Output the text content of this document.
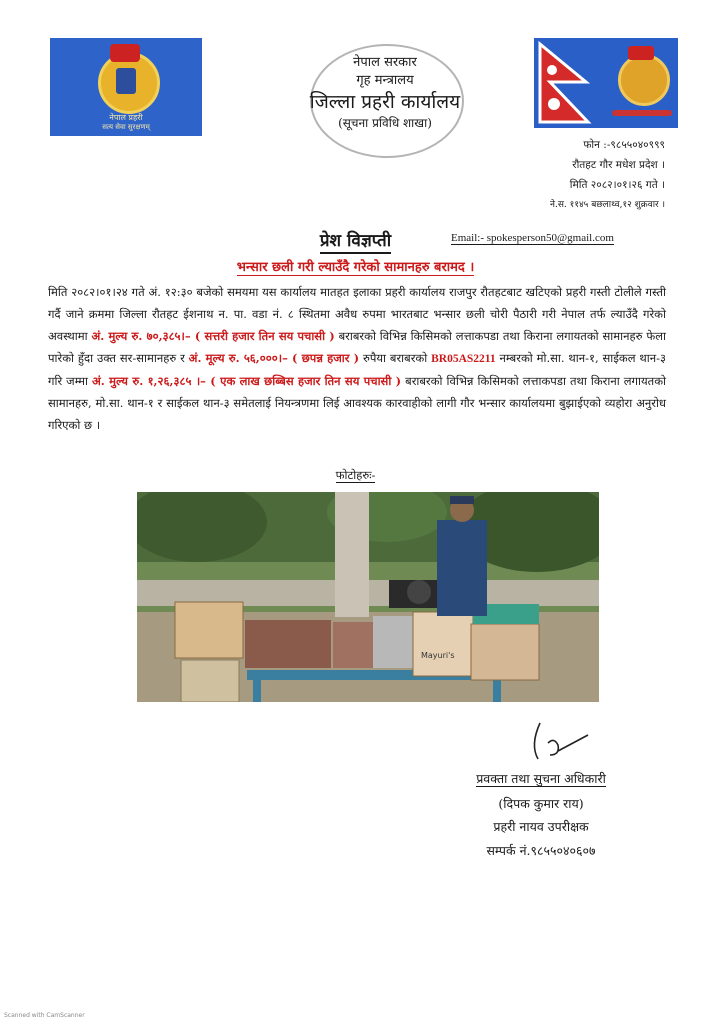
नेपाल प्रहरी
सत्य सेवा सुरक्षणम्
नेपाल सरकार
गृह मन्त्रालय
जिल्ला प्रहरी कार्यालय
(सूचना प्रविधि शाखा)
फोन :-९८५५०४०९९९
रौतहट गौर मधेश प्रदेश ।
मिति २०८२।०१।२६ गते ।
ने.स. ११४५ बछलाथ्व,१२ शुक्रवार ।
प्रेश विज्ञप्ती	Email:- spokesperson50@gmail.com
भन्सार छली गरी ल्याउँदै गरेको सामानहरु बरामद ।
मिति २०८२।०१।२४ गते अं. १२:३० बजेको समयमा यस कार्यालय मातहत इलाका प्रहरी कार्यालय राजपुर रौतहटबाट खटिएको प्रहरी गस्ती टोलीले गस्ती गर्दै जाने क्रममा जिल्ला रौतहट ईशनाथ न. पा. वडा नं. ८ स्थितमा अवैध रुपमा भारतबाट भन्सार छली चोरी पैठारी गरी नेपाल तर्फ ल्याउँदै गरेको अवस्थामा अं. मुल्य रु. ७०,३८५।– ( सत्तरी हजार तिन सय पचासी ) बराबरको विभिन्न किसिमको लत्ताकपडा तथा किराना लगायतको सामानहरु फेला पारेको हुँदा उक्त सर-सामानहरु र अं. मूल्य रु. ५६,०००।– ( छपन्न हजार ) रुपैया बराबरको BR05AS2211 नम्बरको मो.सा. थान-१, साईकल थान-३ गरि जम्मा अं. मुल्य रु. १,२६,३८५ ।– ( एक लाख छब्बिस हजार तिन सय पचासी ) बराबरको विभिन्न किसिमको लत्ताकपडा तथा किराना लगायतको सामानहरु, मो.सा. थान-१ र साईकल थान-३ समेतलाई नियन्त्रणमा लिई आवश्यक कारवाहीको लागी गौर भन्सार कार्यालयमा बुझाईएको व्यहोरा अनुरोध गरिएको छ ।
फोटोहरुः-
Mayuri's
प्रवक्ता तथा सुचना अधिकारी
(दिपक कुमार राय)
प्रहरी नायव उपरीक्षक
सम्पर्क नं.९८५५०४०६०७
Scanned with CamScanner
